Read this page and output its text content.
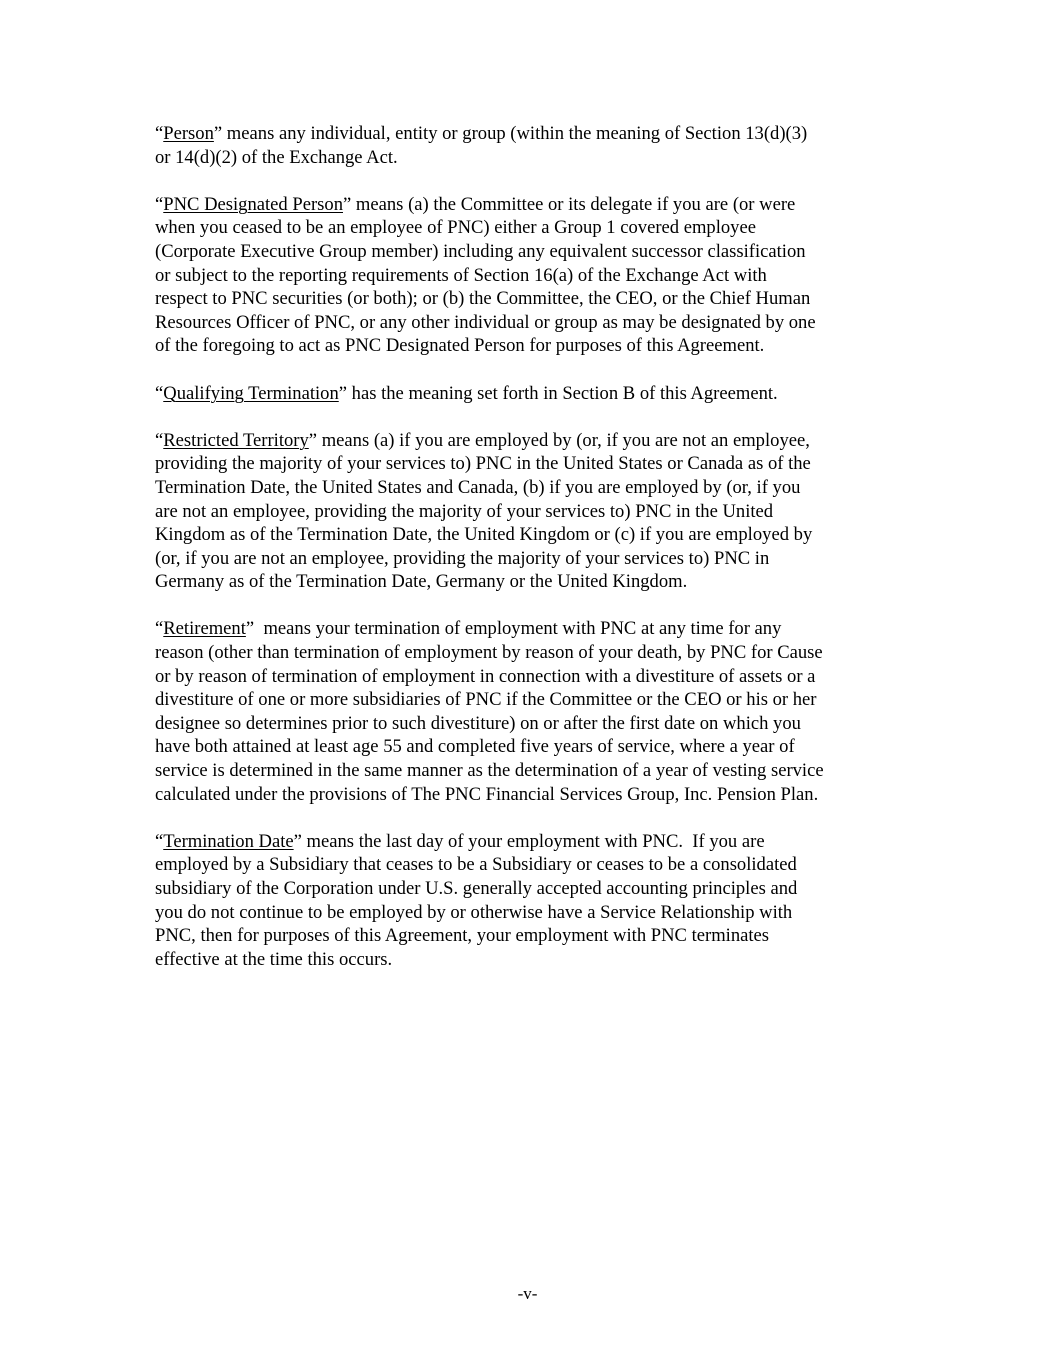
“Person” means any individual, entity or group (within the meaning of Section 13(d)(3)
or 14(d)(2) of the Exchange Act.

“PNC Designated Person” means (a) the Committee or its delegate if you are (or were
when you ceased to be an employee of PNC) either a Group 1 covered employee
(Corporate Executive Group member) including any equivalent successor classification
or subject to the reporting requirements of Section 16(a) of the Exchange Act with
respect to PNC securities (or both); or (b) the Committee, the CEO, or the Chief Human
Resources Officer of PNC, or any other individual or group as may be designated by one
of the foregoing to act as PNC Designated Person for purposes of this Agreement.

“Qualifying Termination” has the meaning set forth in Section B of this Agreement.

“Restricted Territory” means (a) if you are employed by (or, if you are not an employee,
providing the majority of your services to) PNC in the United States or Canada as of the
Termination Date, the United States and Canada, (b) if you are employed by (or, if you
are not an employee, providing the majority of your services to) PNC in the United
Kingdom as of the Termination Date, the United Kingdom or (c) if you are employed by
(or, if you are not an employee, providing the majority of your services to) PNC in
Germany as of the Termination Date, Germany or the United Kingdom.

“Retirement”  means your termination of employment with PNC at any time for any
reason (other than termination of employment by reason of your death, by PNC for Cause
or by reason of termination of employment in connection with a divestiture of assets or a
divestiture of one or more subsidiaries of PNC if the Committee or the CEO or his or her
designee so determines prior to such divestiture) on or after the first date on which you
have both attained at least age 55 and completed five years of service, where a year of
service is determined in the same manner as the determination of a year of vesting service
calculated under the provisions of The PNC Financial Services Group, Inc. Pension Plan.

“Termination Date” means the last day of your employment with PNC.  If you are
employed by a Subsidiary that ceases to be a Subsidiary or ceases to be a consolidated
subsidiary of the Corporation under U.S. generally accepted accounting principles and
you do not continue to be employed by or otherwise have a Service Relationship with
PNC, then for purposes of this Agreement, your employment with PNC terminates
effective at the time this occurs.

-v-
